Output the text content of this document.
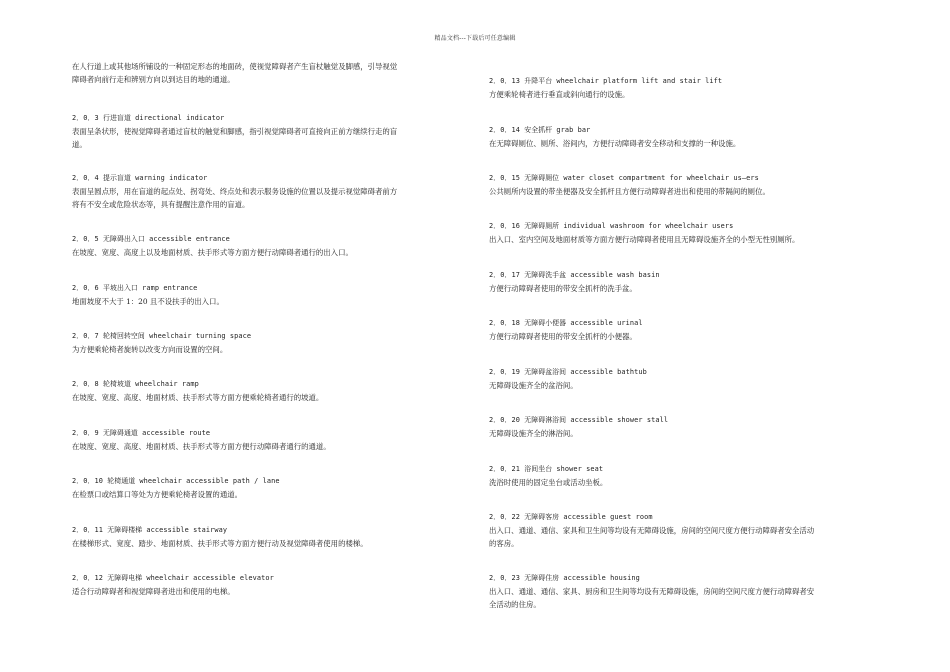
精品文档---下载后可任意编辑
在人行道上或其他场所铺设的一种固定形态的地面砖，使视觉障碍者产生盲杖触觉及脚感，引导视觉
障碍者向前行走和辨别方向以到达目的地的通道。
2．0．3 行进盲道 directional indicator
表面呈条状形，使视觉障碍者通过盲杖的触觉和脚感，指引视觉障碍者可直接向正前方继续行走的盲
道。
2．0．4 提示盲道 warning indicator
表面呈圆点形，用在盲道的起点处、拐弯处、终点处和表示服务设施的位置以及提示视觉障碍者前方
将有不安全或危险状态等，具有提醒注意作用的盲道。
2．0．5 无障碍出入口 accessible entrance
在坡度、宽度、高度上以及地面材质、扶手形式等方面方便行动障碍者通行的出入口。
2．0．6 平坡出入口 ramp entrance
地面坡度不大于 1：20 且不设扶手的出入口。
2．0．7 轮椅回转空间 wheelchair turning space
为方便乘轮椅者旋转以改变方向而设置的空间。
2．0．8 轮椅坡道 wheelchair ramp
在坡度、宽度、高度、地面材质、扶手形式等方面方便乘轮椅者通行的坡道。
2．0．9 无障碍通道 accessible route
在坡度、宽度、高度、地面材质、扶手形式等方面方便行动障碍者通行的通道。
2．0．10 轮椅通道 wheelchair accessible path / lane
在检票口或结算口等处为方便乘轮椅者设置的通道。
2．0．11 无障碍楼梯 accessible stairway
在楼梯形式、宽度、踏步、地面材质、扶手形式等方面方便行动及视觉障碍者使用的楼梯。
2．0．12 无障碍电梯 wheelchair accessible elevator
适合行动障碍者和视觉障碍者进出和使用的电梯。
2．0．13 升降平台 wheelchair platform lift and stair lift
方便乘轮椅者进行垂直或斜向通行的设施。
2．0．14 安全抓杆 grab bar
在无障碍厕位、厕所、浴间内，方便行动障碍者安全移动和支撑的一种设施。
2．0．15 无障碍厕位 water closet compartment for wheelchair us—ers
公共厕所内设置的带坐便器及安全抓杆且方便行动障碍者进出和使用的带隔间的厕位。
2．0．16 无障碍厕所 individual washroom for wheelchair users
出入口、室内空间及地面材质等方面方便行动障碍者使用且无障碍设施齐全的小型无性别厕所。
2．0．17 无障碍洗手盆 accessible wash basin
方便行动障碍者使用的带安全抓杆的洗手盆。
2．0．18 无障碍小便器 accessible urinal
方便行动障碍者使用的带安全抓杆的小便器。
2．0．19 无障碍盆浴间 accessible bathtub
无障碍设施齐全的盆浴间。
2．0．20 无障碍淋浴间 accessible shower stall
无障碍设施齐全的淋浴间。
2．0．21 浴间坐台 shower seat
洗浴时使用的固定坐台或活动坐板。
2．0．22 无障碍客房 accessible guest room
出入口、通道、通信、家具和卫生间等均设有无障碍设施，房间的空间尺度方便行动障碍者安全活动
的客房。
2．0．23 无障碍住房 accessible housing
出入口、通道、通信、家具、厨房和卫生间等均设有无障碍设施，房间的空间尺度方便行动障碍者安
全活动的住房。
